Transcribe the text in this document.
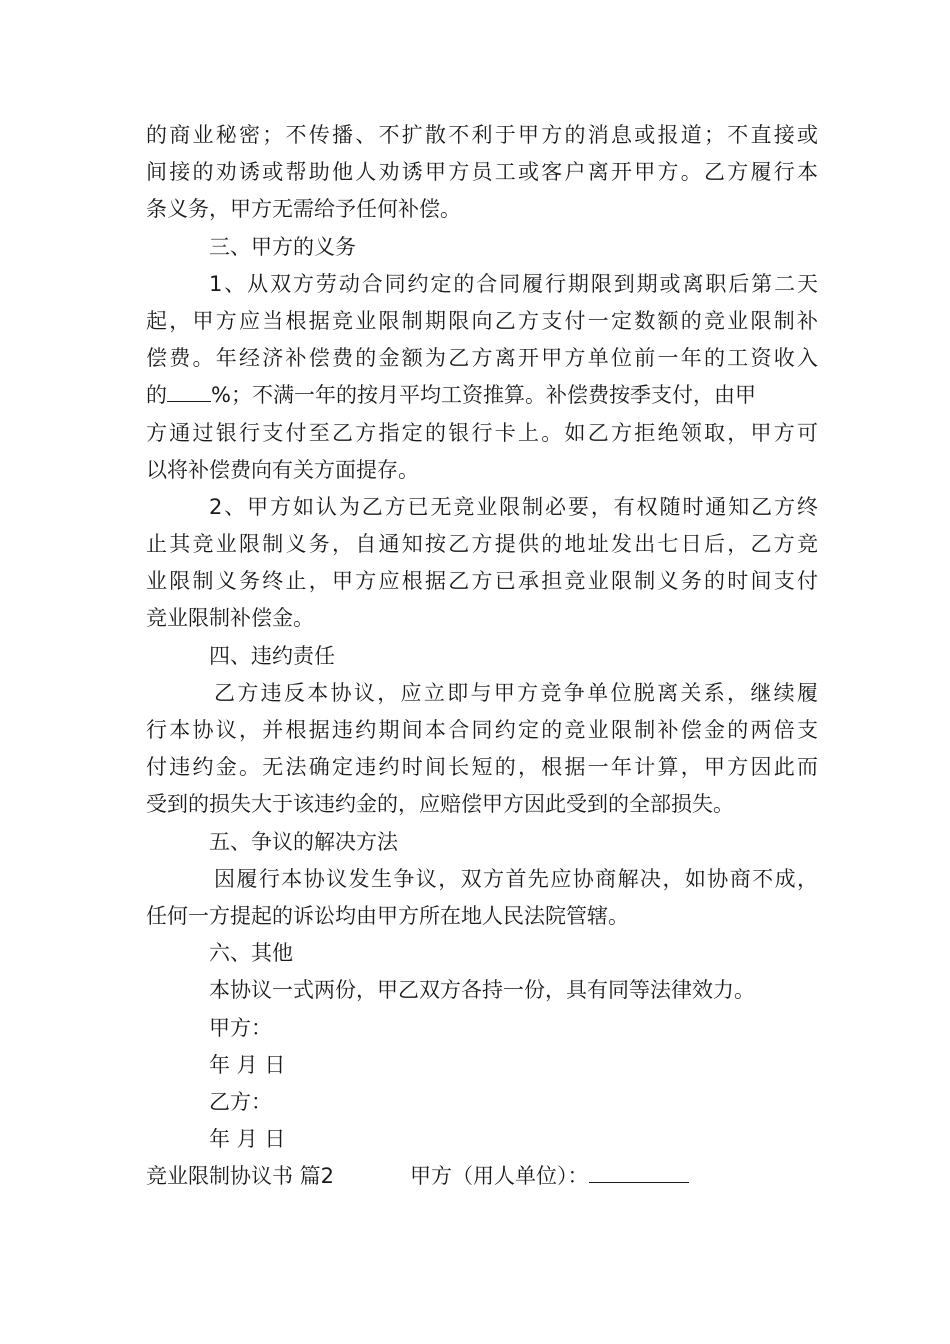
的商业秘密；不传播、不扩散不利于甲方的消息或报道；不直接或
间接的劝诱或帮助他人劝诱甲方员工或客户离开甲方。乙方履行本
条义务，甲方无需给予任何补偿。
三、甲方的义务
1、从双方劳动合同约定的合同履行期限到期或离职后第二天
起，甲方应当根据竞业限制期限向乙方支付一定数额的竞业限制补
偿费。年经济补偿费的金额为乙方离开甲方单位前一年的工资收入
的 %；不满一年的按月平均工资推算。补偿费按季支付，由甲
方通过银行支付至乙方指定的银行卡上。如乙方拒绝领取，甲方可
以将补偿费向有关方面提存。
2、甲方如认为乙方已无竞业限制必要，有权随时通知乙方终
止其竞业限制义务，自通知按乙方提供的地址发出七日后，乙方竞
业限制义务终止，甲方应根据乙方已承担竞业限制义务的时间支付
竞业限制补偿金。
四、违约责任
乙方违反本协议，应立即与甲方竞争单位脱离关系，继续履
行本协议，并根据违约期间本合同约定的竞业限制补偿金的两倍支
付违约金。无法确定违约时间长短的，根据一年计算，甲方因此而
受到的损失大于该违约金的，应赔偿甲方因此受到的全部损失。
五、争议的解决方法
因履行本协议发生争议，双方首先应协商解决，如协商不成，
任何一方提起的诉讼均由甲方所在地人民法院管辖。
六、其他
本协议一式两份，甲乙双方各持一份，具有同等法律效力。
甲方：
年 月 日
乙方：
年 月 日
竞业限制协议书 篇2	甲方（用人单位）：
